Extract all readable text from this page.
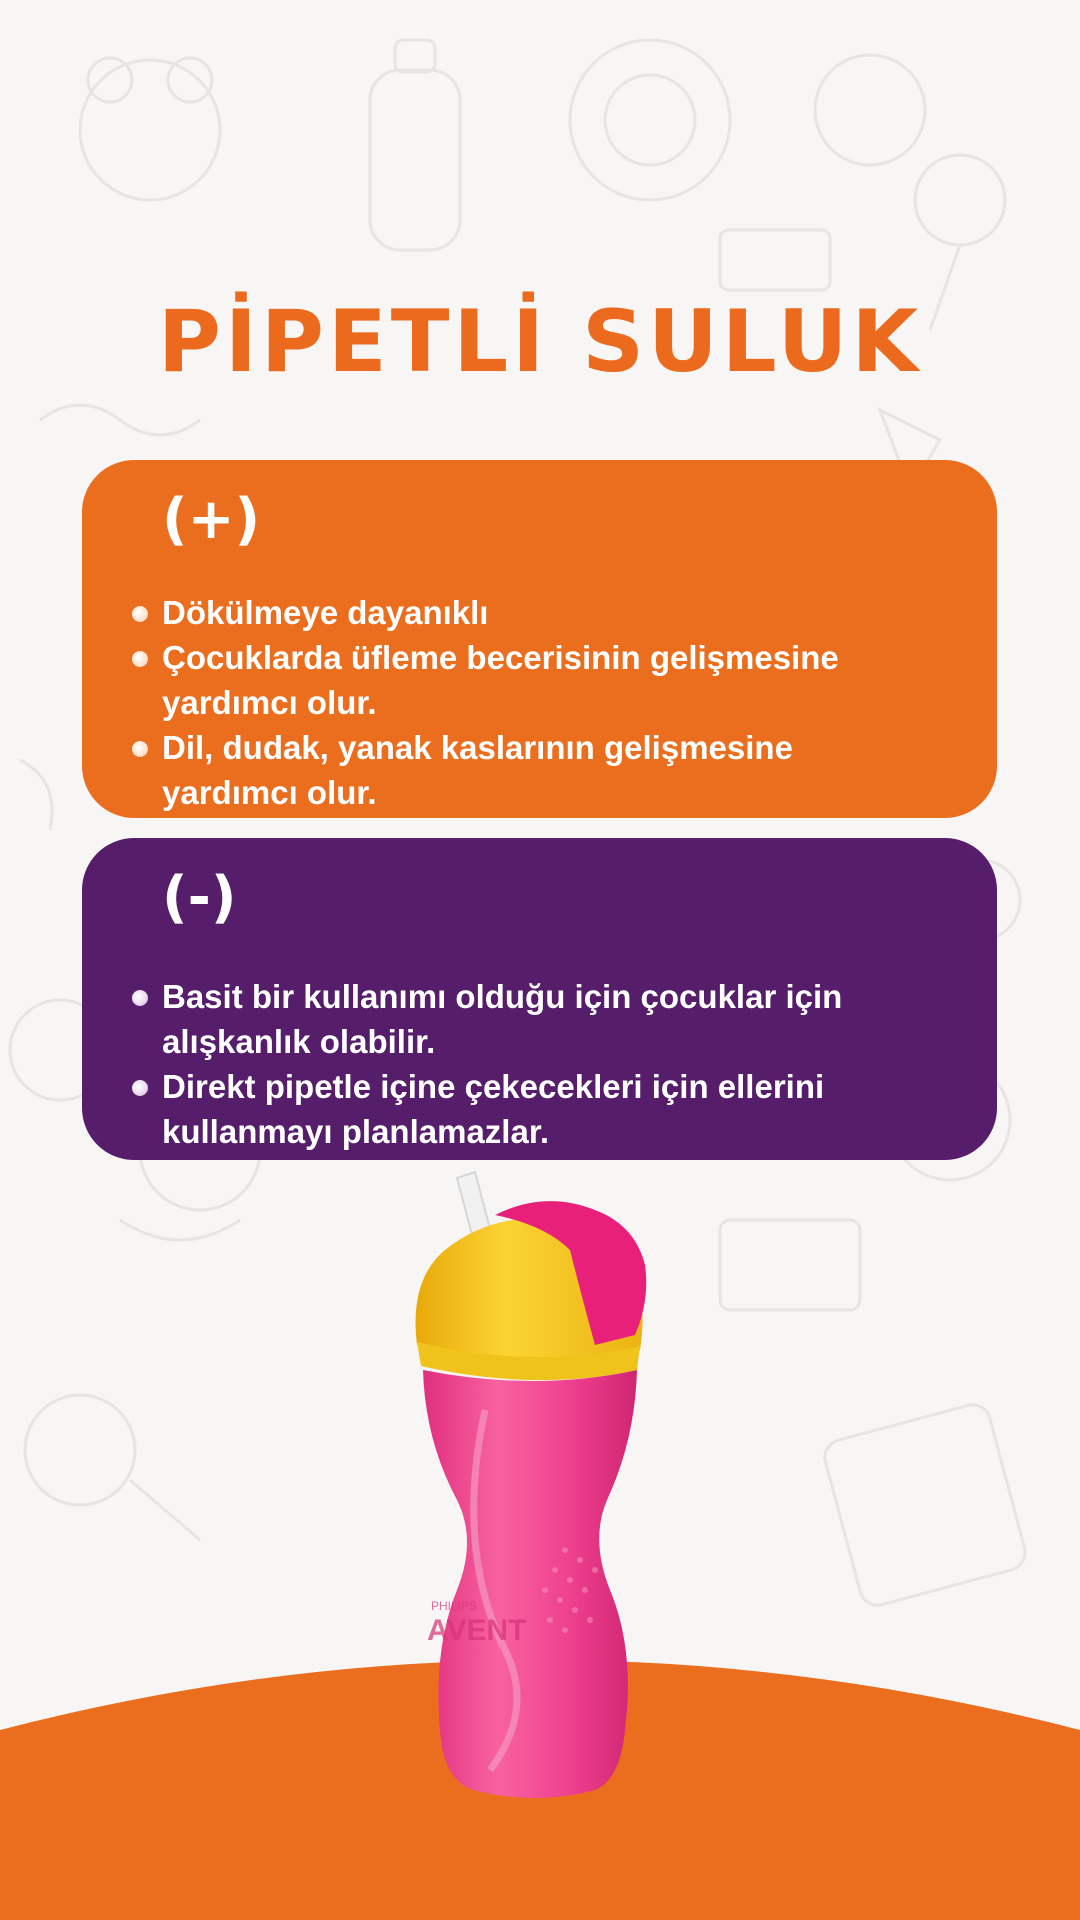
PİPETLİ SULUK
(+)
Dökülmeye dayanıklı
Çocuklarda üfleme becerisinin gelişmesine yardımcı olur.
Dil, dudak, yanak kaslarının gelişmesine yardımcı olur.
(-)
Basit bir kullanımı olduğu için çocuklar için alışkanlık olabilir.
Direkt pipetle içine çekecekleri için ellerini kullanmayı planlamazlar.
AVENT
PHILIPS
